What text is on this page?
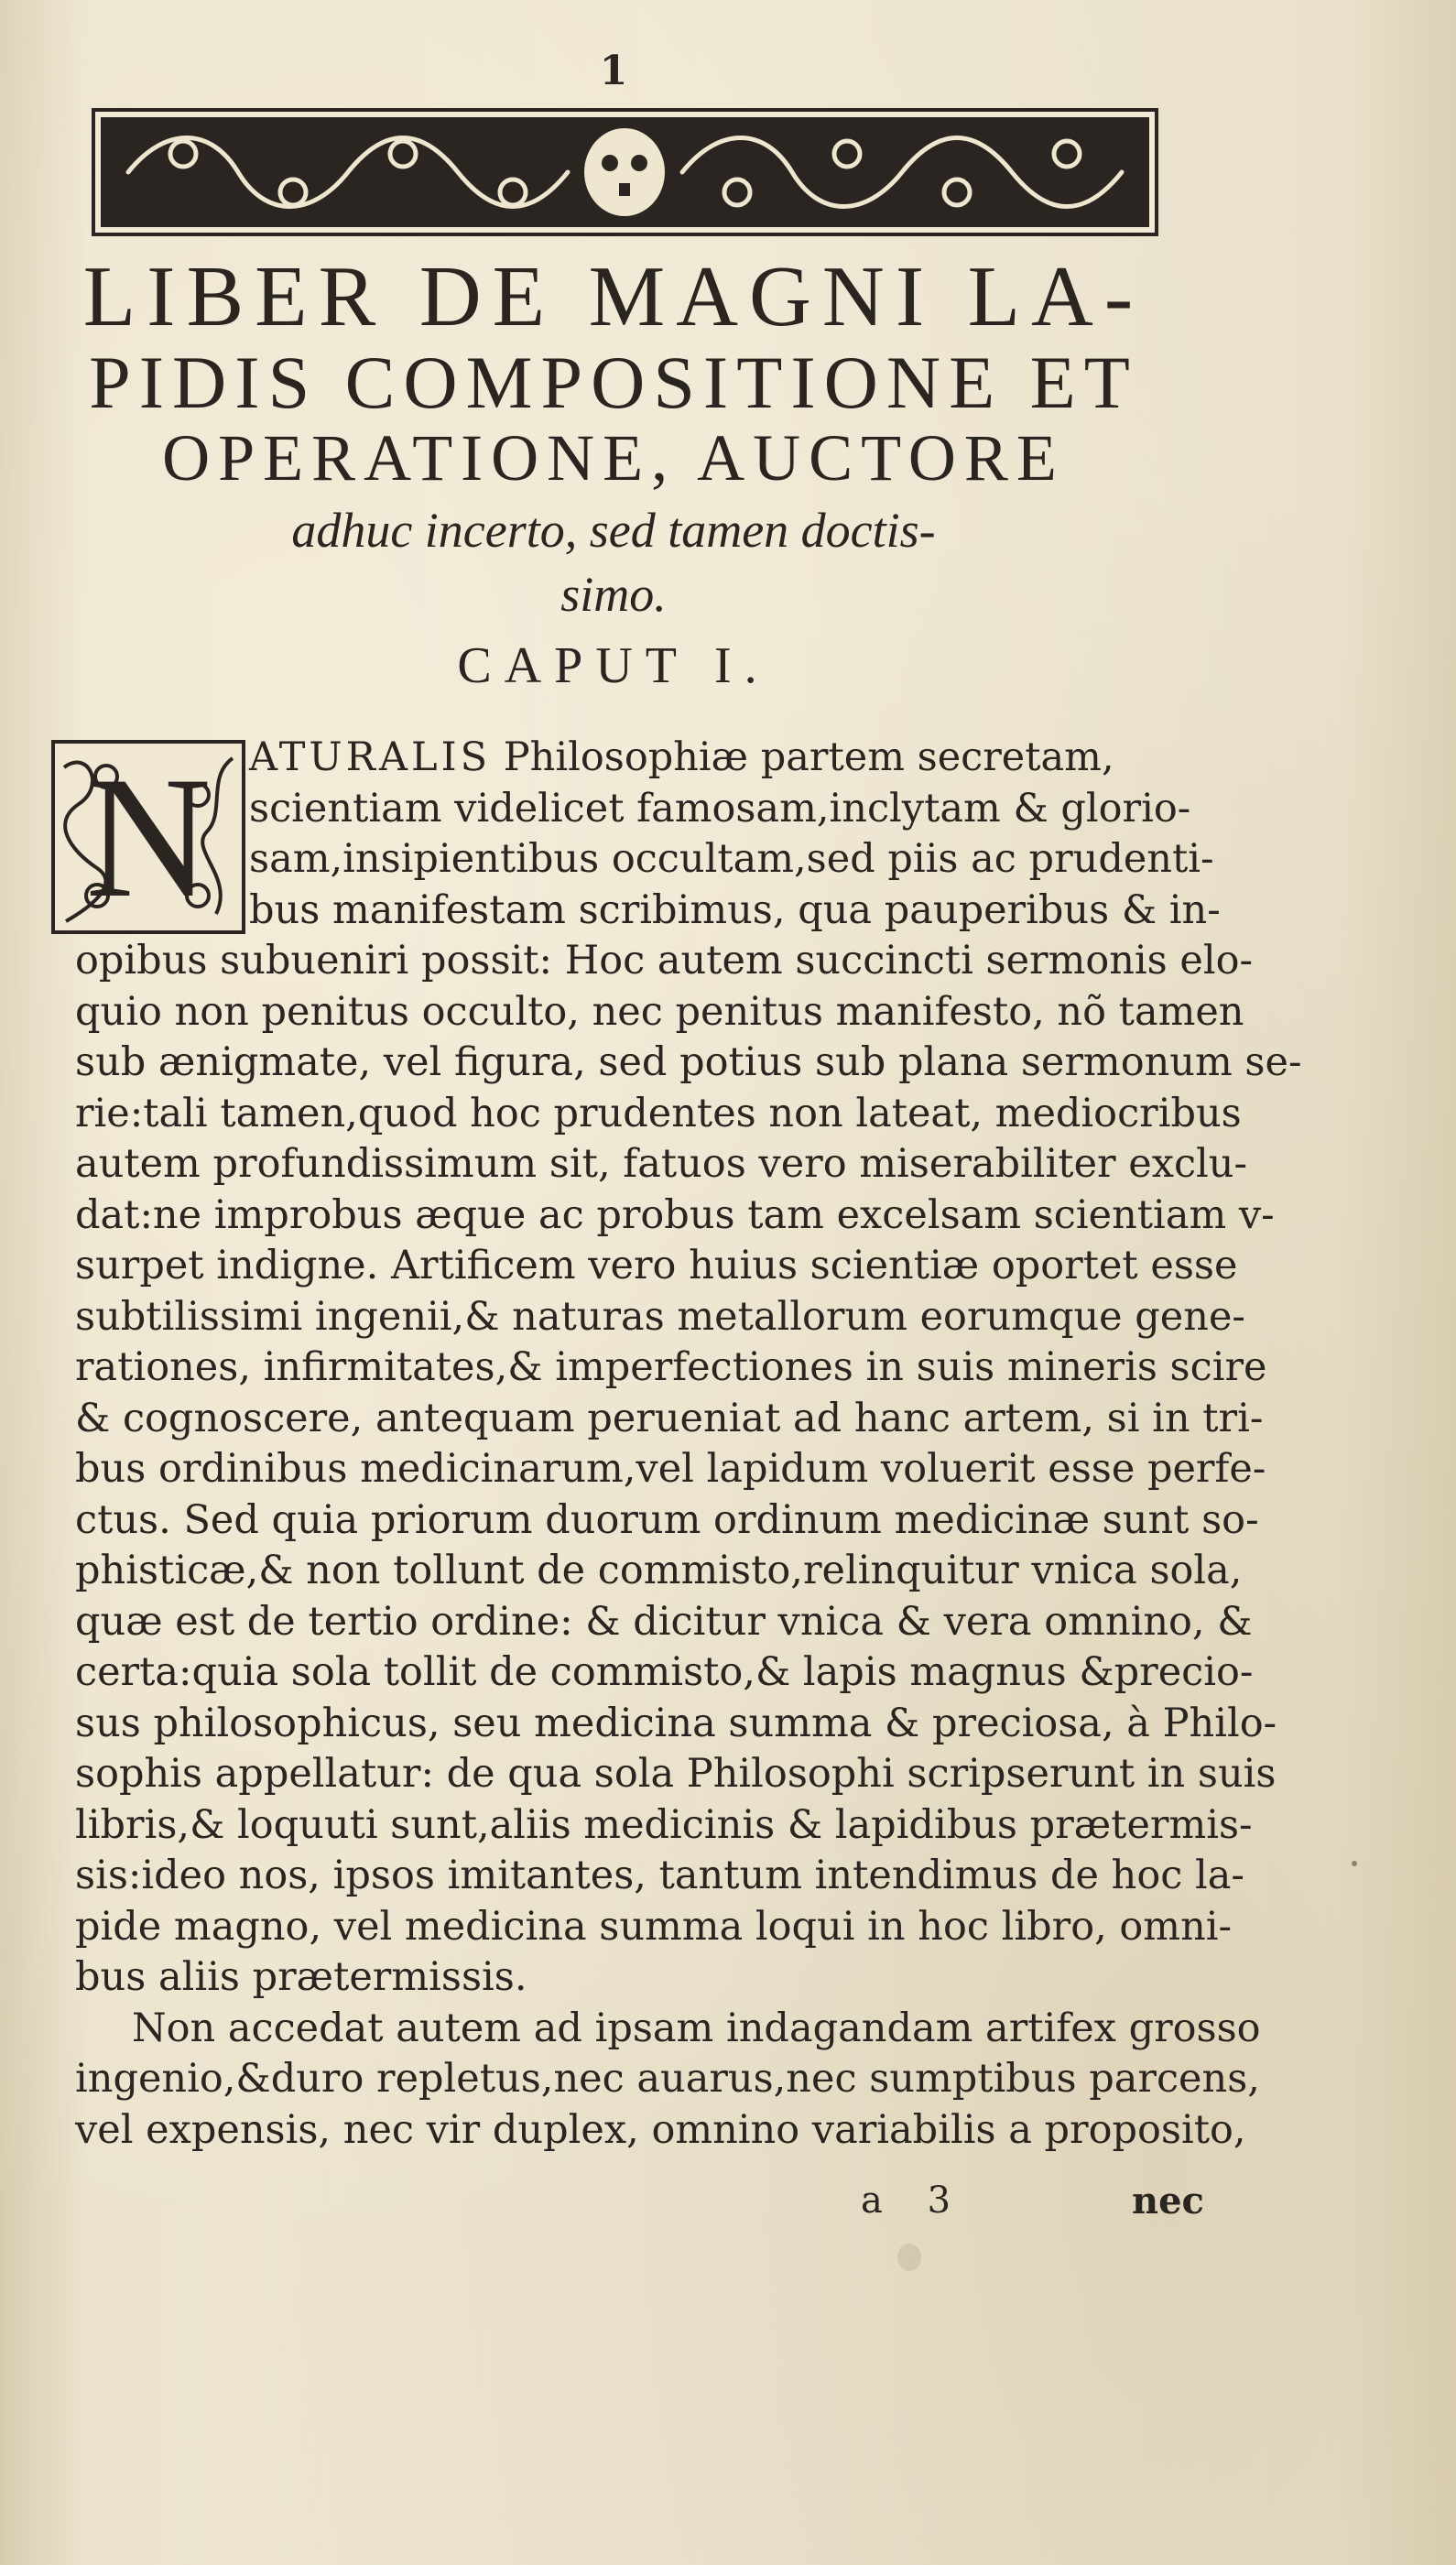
1
LIBER DE MAGNI LA-
PIDIS COMPOSITIONE ET
OPERATIONE, AUCTORE
adhuc incerto, sed tamen doctis-
simo.
CAPUT I.
N ATURALIS Philosophiæ partem secretam,
scientiam videlicet famosam,inclytam & glorio-
sam,insipientibus occultam,sed piis ac prudenti-
bus manifestam scribimus, qua pauperibus & in-
opibus subueniri possit: Hoc autem succincti sermonis elo-
quio non penitus occulto, nec penitus manifesto, nõ tamen
sub ænigmate, vel figura, sed potius sub plana sermonum se-
rie:tali tamen,quod hoc prudentes non lateat, mediocribus
autem profundissimum sit, fatuos vero miserabiliter exclu-
dat:ne improbus æque ac probus tam excelsam scientiam v-
surpet indigne. Artificem vero huius scientiæ oportet esse
subtilissimi ingenii,& naturas metallorum eorumque gene-
rationes, infirmitates,& imperfectiones in suis mineris scire
& cognoscere, antequam perueniat ad hanc artem, si in tri-
bus ordinibus medicinarum,vel lapidum voluerit esse perfe-
ctus. Sed quia priorum duorum ordinum medicinæ sunt so-
phisticæ,& non tollunt de commisto,relinquitur vnica sola,
quæ est de tertio ordine: & dicitur vnica & vera omnino, &
certa:quia sola tollit de commisto,& lapis magnus &precio-
sus philosophicus, seu medicina summa & preciosa, à Philo-
sophis appellatur: de qua sola Philosophi scripserunt in suis
libris,& loquuti sunt,aliis medicinis & lapidibus prætermis-
sis:ideo nos, ipsos imitantes, tantum intendimus de hoc la-
pide magno, vel medicina summa loqui in hoc libro, omni-
bus aliis prætermissis.
Non accedat autem ad ipsam indagandam artifex grosso
ingenio,&duro repletus,nec auarus,nec sumptibus parcens,
vel expensis, nec vir duplex, omnino variabilis a proposito,
a 3	nec
